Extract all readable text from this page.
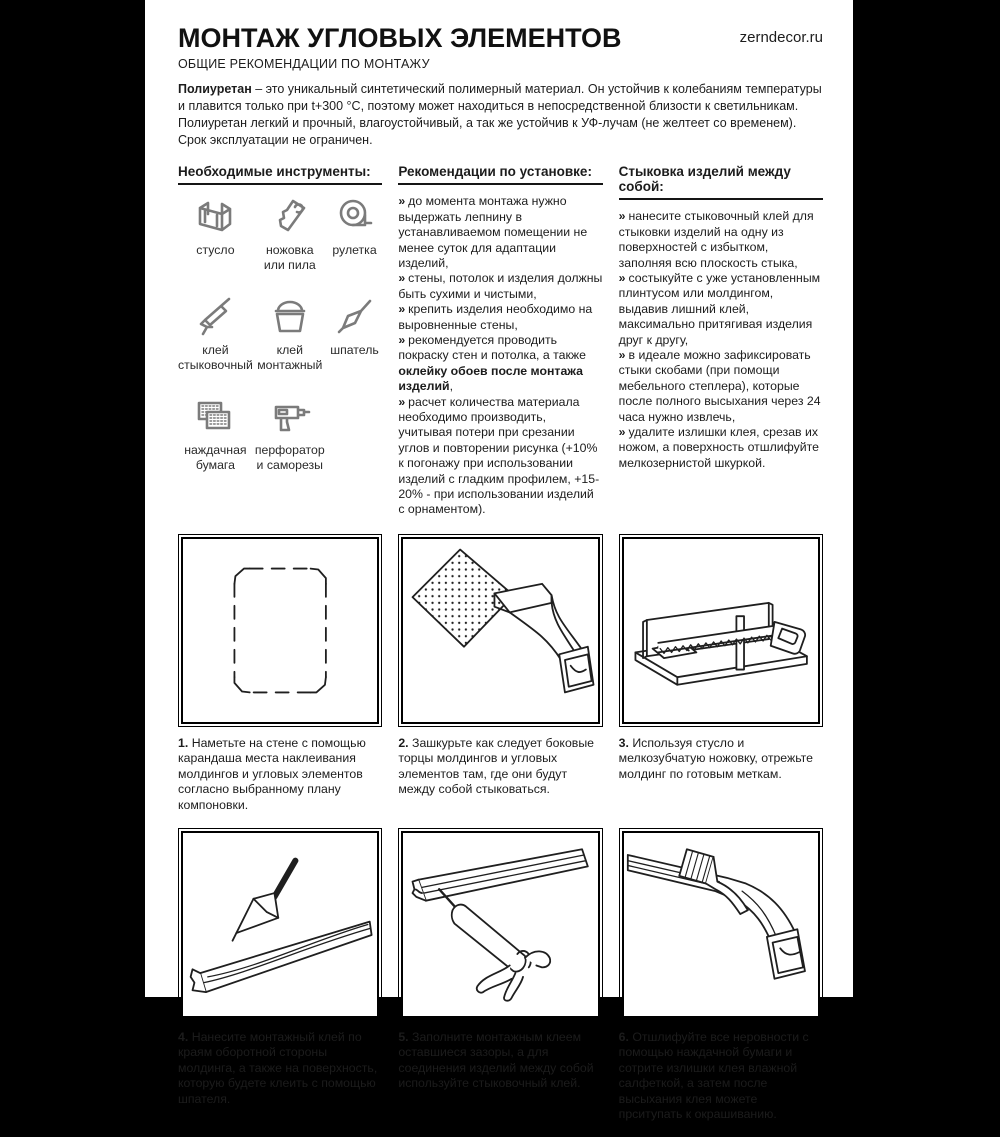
МОНТАЖ УГЛОВЫХ ЭЛЕМЕНТОВ	zerndecor.ru
ОБЩИЕ РЕКОМЕНДАЦИИ ПО МОНТАЖУ

Полиуретан – это уникальный синтетический полимерный материал. Он устойчив к колебаниям температуры и плавится только при t+300 °С, поэтому может находиться в непосредственной близости к светильникам. Полиуретан легкий и прочный, влагоустойчивый, а так же устойчив к УФ-лучам (не желтеет со временем). Срок эксплуатации не ограничен.

Необходимые инструменты:
стусло	ножовка или пила
рулетка
клей стыковочный
клей монтажный
шпатель
наждачная бумага
перфоратор и саморезы
Рекомендации по установке:

» до момента монтажа нужно выдержать лепнину в устанавливаемом помещении не менее суток для адаптации изделий,

» стены, потолок и изделия должны быть сухими и чистыми,

» крепить изделия необходимо на выровненные стены,

» рекомендуется проводить покраску стен и потолка, а также оклейку обоев после монтажа изделий,

» расчет количества материала необходимо производить, учитывая потери при срезании углов и повторении рисунка (+10% к погонажу при использовании изделий с гладким профилем, +15-20% - при использовании изделий с орнаментом).

Стыковка изделий между собой:

» нанесите стыковочный клей для стыковки изделий на одну из поверхностей с избытком, заполняя всю плоскость стыка,

» состыкуйте с уже установленным плинтусом или молдингом, выдавив лишний клей, максимально притягивая изделия друг к другу,

» в идеале можно зафиксировать стыки скобами (при помощи мебельного степлера), которые после полного высыхания через 24 часа нужно извлечь,

» удалите излишки клея, срезав их ножом, а поверхность отшлифуйте мелкозернистой шкуркой.

1. Наметьте на стене с помощью карандаша места наклеивания молдингов и угловых элементов согласно выбранному плану компоновки.
2. Зашкурьте как следует боковые торцы молдингов и угловых элементов там, где они будут между собой стыковаться.
3. Используя стусло и мелкозубчатую ножовку, отрежьте молдинг по готовым меткам.
4. Нанесите монтажный клей по краям оборотной стороны молдинга, а также на поверхность, которую будете клеить с помощью шпателя.
5. Заполните монтажным клеем оставшиеся зазоры, а для соединения изделий между собой используйте стыковочный клей.
6. Отшлифуйте все неровности с помощью наждачной бумаги и сотрите излишки клея влажной салфеткой, а затем после высыхания клея можете прситупать к окрашиванию.
